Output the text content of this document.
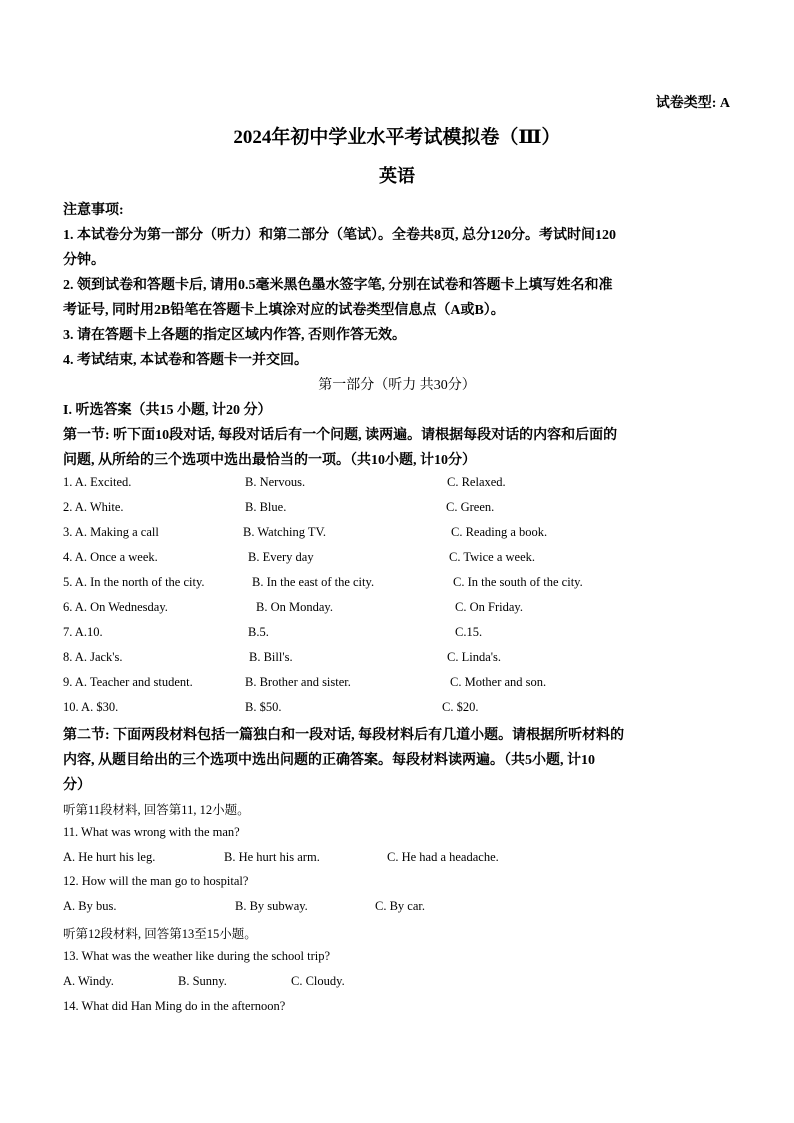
试卷类型: A
2024年初中学业水平考试模拟卷（Ⅲ）
英语
注意事项:
1. 本试卷分为第一部分（听力）和第二部分（笔试）。全卷共8页, 总分120分。考试时间120
分钟。
2. 领到试卷和答题卡后, 请用0.5毫米黑色墨水签字笔, 分别在试卷和答题卡上填写姓名和准
考证号, 同时用2B铅笔在答题卡上填涂对应的试卷类型信息点（A或B）。
3. 请在答题卡上各题的指定区域内作答, 否则作答无效。
4. 考试结束, 本试卷和答题卡一并交回。
第一部分（听力 共30分）
I. 听选答案（共15 小题, 计20 分）
第一节: 听下面10段对话, 每段对话后有一个问题, 读两遍。请根据每段对话的内容和后面的
问题, 从所给的三个选项中选出最恰当的一项。（共10小题, 计10分）
1. A. Excited.	B. Nervous.	C. Relaxed.
2. A. White.	B. Blue.	C. Green.
3. A. Making a call	B. Watching TV.	C. Reading a book.
4. A. Once a week.	B. Every day	C. Twice a week.
5. A. In the north of the city.	B. In the east of the city.	C. In the south of the city.
6. A. On Wednesday.	B. On Monday.	C. On Friday.
7. A.10.	B.5.	C.15.
8. A. Jack's.	B. Bill's.	C. Linda's.
9. A. Teacher and student.	B. Brother and sister.	C. Mother and son.
10. A. $30.	B. $50.	C. $20.
第二节: 下面两段材料包括一篇独白和一段对话, 每段材料后有几道小题。请根据所听材料的
内容, 从题目给出的三个选项中选出问题的正确答案。每段材料读两遍。（共5小题, 计10
分）
听第11段材料, 回答第11, 12小题。
11. What was wrong with the man?
A. He hurt his leg.	B. He hurt his arm.	C. He had a headache.
12. How will the man go to hospital?
A. By bus.	B. By subway.	C. By car.
听第12段材料, 回答第13至15小题。
13. What was the weather like during the school trip?
A. Windy.	B. Sunny.	C. Cloudy.
14. What did Han Ming do in the afternoon?
